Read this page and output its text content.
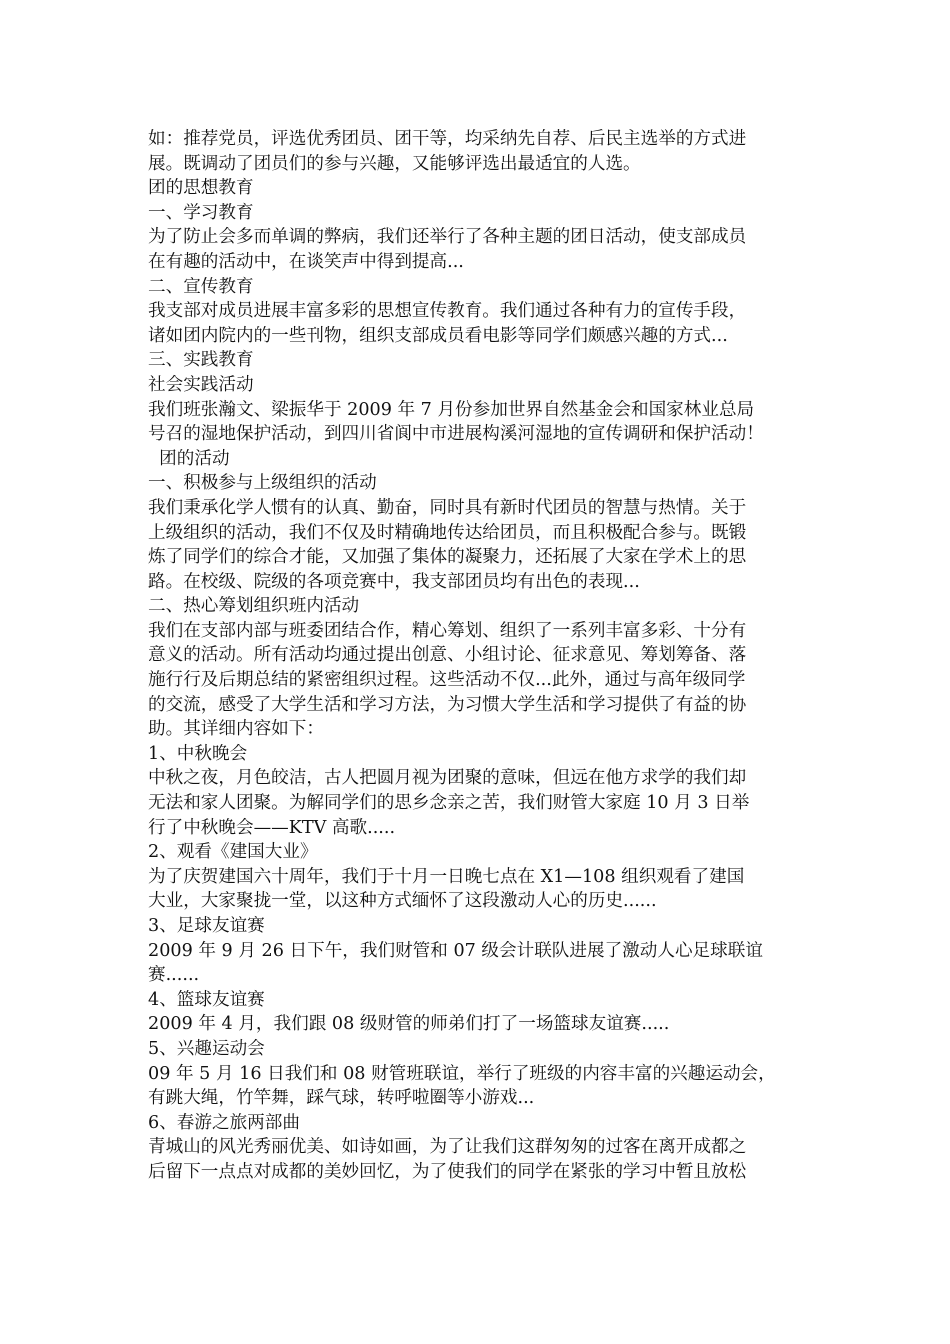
如：推荐党员，评选优秀团员、团干等，均采纳先自荐、后民主选举的方式进
展。既调动了团员们的参与兴趣，又能够评选出最适宜的人选。
团的思想教育
一、学习教育
为了防止会多而单调的弊病，我们还举行了各种主题的团日活动，使支部成员
在有趣的活动中，在谈笑声中得到提高...
二、宣传教育
我支部对成员进展丰富多彩的思想宣传教育。我们通过各种有力的宣传手段，
诸如团内院内的一些刊物，组织支部成员看电影等同学们颇感兴趣的方式...
三、实践教育
社会实践活动
我们班张瀚文、梁振华于 2009 年 7 月份参加世界自然基金会和国家林业总局
号召的湿地保护活动，到四川省阆中市进展构溪河湿地的宣传调研和保护活动！
团的活动
一、积极参与上级组织的活动
我们秉承化学人惯有的认真、勤奋，同时具有新时代团员的智慧与热情。关于
上级组织的活动，我们不仅及时精确地传达给团员，而且积极配合参与。既锻
炼了同学们的综合才能，又加强了集体的凝聚力，还拓展了大家在学术上的思
路。在校级、院级的各项竞赛中，我支部团员均有出色的表现...
二、热心筹划组织班内活动
我们在支部内部与班委团结合作，精心筹划、组织了一系列丰富多彩、十分有
意义的活动。所有活动均通过提出创意、小组讨论、征求意见、筹划筹备、落
施行行及后期总结的紧密组织过程。这些活动不仅...此外，通过与高年级同学
的交流，感受了大学生活和学习方法，为习惯大学生活和学习提供了有益的协
助。其详细内容如下：
1、中秋晚会
中秋之夜，月色皎洁，古人把圆月视为团聚的意味，但远在他方求学的我们却
无法和家人团聚。为解同学们的思乡念亲之苦，我们财管大家庭 10 月 3 日举
行了中秋晚会——KTV 高歌.....
2、观看《建国大业》
为了庆贺建国六十周年，我们于十月一日晚七点在 X1—108 组织观看了建国
大业，大家聚拢一堂，以这种方式缅怀了这段激动人心的历史......
3、足球友谊赛
2009 年 9 月 26 日下午，我们财管和 07 级会计联队进展了激动人心足球联谊
赛......
4、篮球友谊赛
2009 年 4 月，我们跟 08 级财管的师弟们打了一场篮球友谊赛.....
5、兴趣运动会
09 年 5 月 16 日我们和 08 财管班联谊，举行了班级的内容丰富的兴趣运动会，
有跳大绳，竹竿舞，踩气球，转呼啦圈等小游戏...
6、春游之旅两部曲
青城山的风光秀丽优美、如诗如画，为了让我们这群匆匆的过客在离开成都之
后留下一点点对成都的美妙回忆，为了使我们的同学在紧张的学习中暂且放松
